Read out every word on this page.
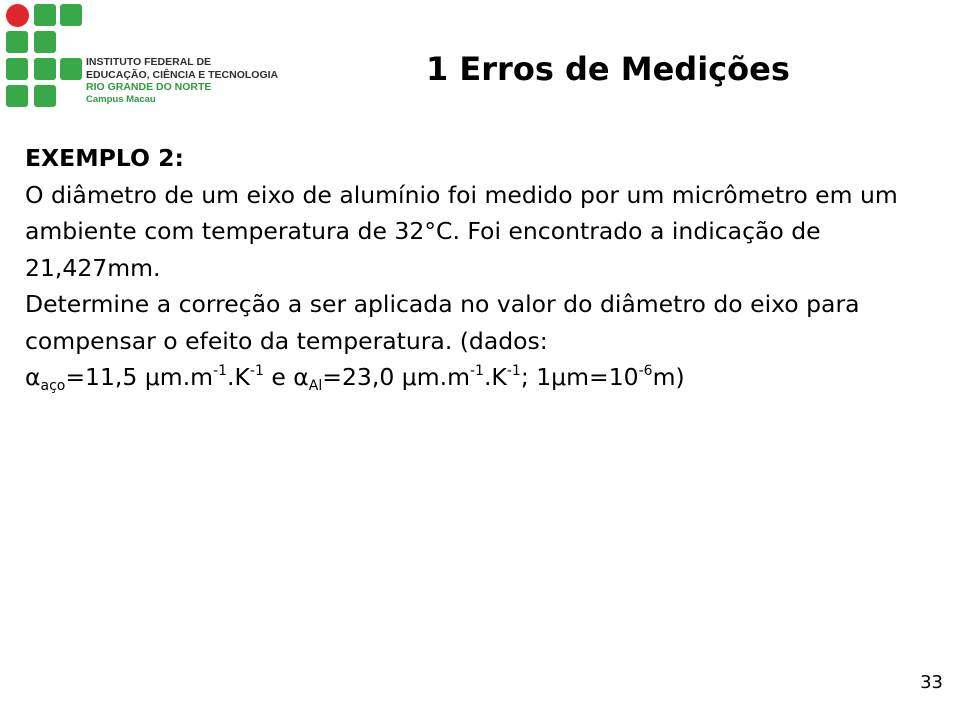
INSTITUTO FEDERAL DE
EDUCAÇÃO, CIÊNCIA E TECNOLOGIA
RIO GRANDE DO NORTE
Campus Macau
1 Erros de Medições

EXEMPLO 2:

O diâmetro de um eixo de alumínio foi medido por um micrômetro em um ambiente com temperatura de 32°C. Foi encontrado a indicação de 21,427mm.

Determine a correção a ser aplicada no valor do diâmetro do eixo para compensar o efeito da temperatura. (dados:

$\alpha_{aço}=11,5$ $\mu m.m^{-1}.K^{-1}$ e $\alpha_{Al}=23,0$ $\mu m.m^{-1}.K^{-1}$; $1\mu m=10^{-6}m$)

33
